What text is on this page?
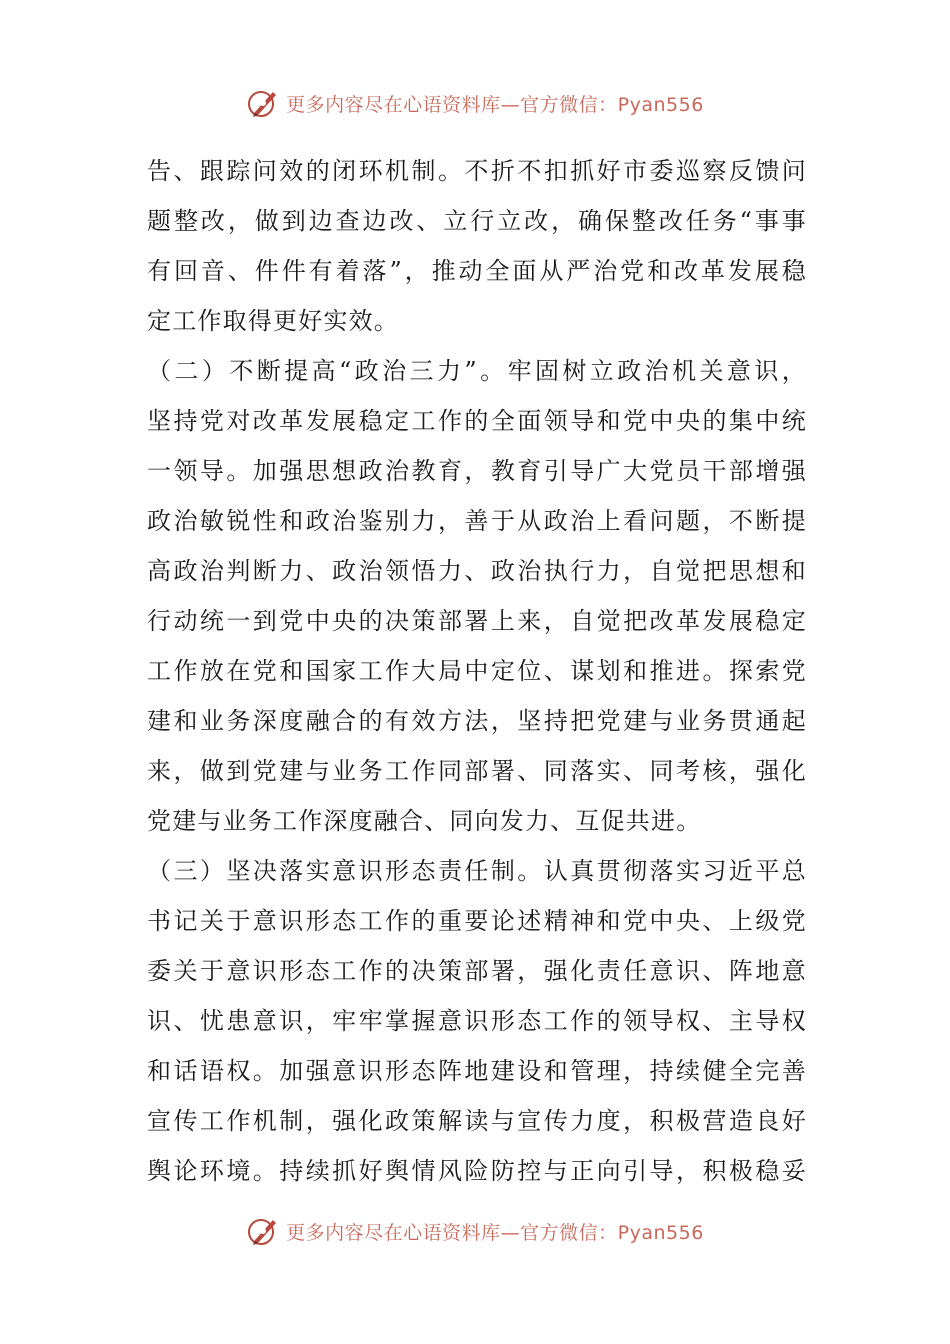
更多内容尽在心语资料库—官方微信：Pyan556
告、跟踪问效的闭环机制。不折不扣抓好市委巡察反馈问
题整改，做到边查边改、立行立改，确保整改任务“事事
有回音、件件有着落”，推动全面从严治党和改革发展稳
定工作取得更好实效。
（二）不断提高“政治三力”。牢固树立政治机关意识，
坚持党对改革发展稳定工作的全面领导和党中央的集中统
一领导。加强思想政治教育，教育引导广大党员干部增强
政治敏锐性和政治鉴别力，善于从政治上看问题，不断提
高政治判断力、政治领悟力、政治执行力，自觉把思想和
行动统一到党中央的决策部署上来，自觉把改革发展稳定
工作放在党和国家工作大局中定位、谋划和推进。探索党
建和业务深度融合的有效方法，坚持把党建与业务贯通起
来，做到党建与业务工作同部署、同落实、同考核，强化
党建与业务工作深度融合、同向发力、互促共进。
（三）坚决落实意识形态责任制。认真贯彻落实习近平总
书记关于意识形态工作的重要论述精神和党中央、上级党
委关于意识形态工作的决策部署，强化责任意识、阵地意
识、忧患意识，牢牢掌握意识形态工作的领导权、主导权
和话语权。加强意识形态阵地建设和管理，持续健全完善
宣传工作机制，强化政策解读与宣传力度，积极营造良好
舆论环境。持续抓好舆情风险防控与正向引导，积极稳妥
更多内容尽在心语资料库—官方微信：Pyan556
